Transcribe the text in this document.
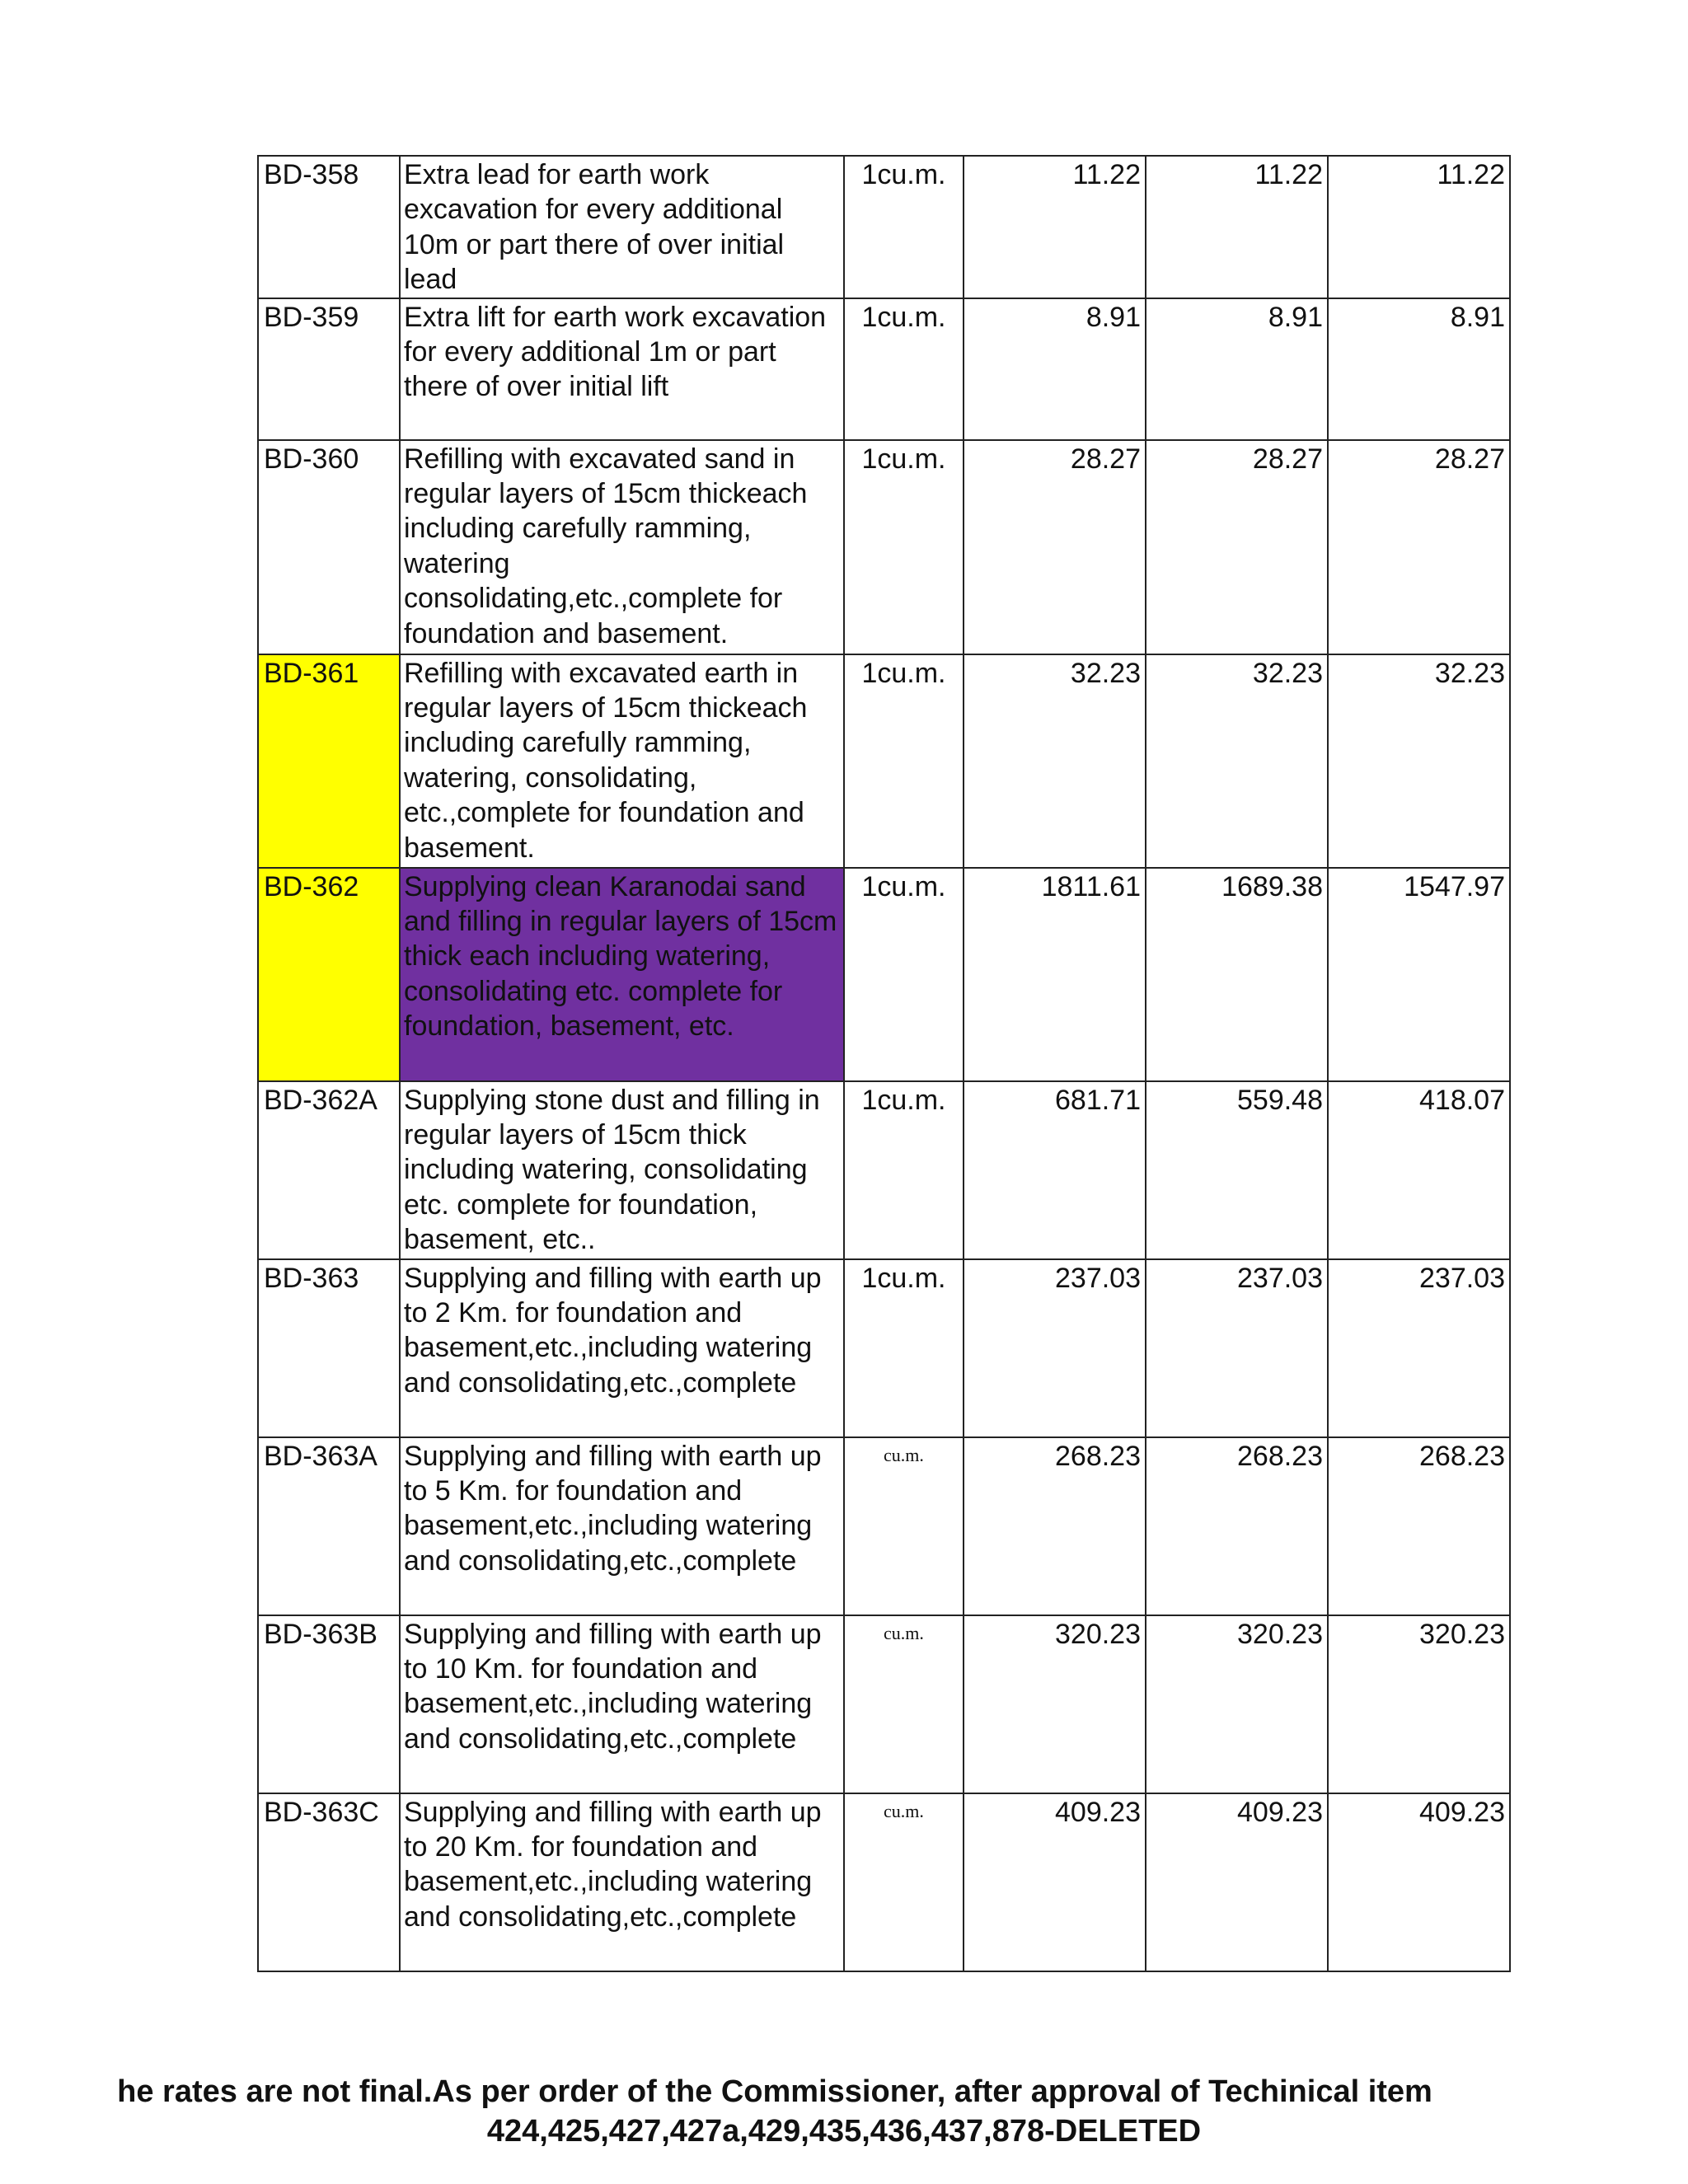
BD-358	Extra lead for earth work excavation for every additional 10m or part there of over initial lead	1cu.m.	11.22	11.22	11.22
BD-359	Extra lift for earth work excavation for every additional 1m or part there of over initial lift	1cu.m.	8.91	8.91	8.91
BD-360	Refilling with excavated sand in regular layers of 15cm thickeach including carefully ramming, watering consolidating,etc.,complete for foundation and basement.	1cu.m.	28.27	28.27	28.27
BD-361	Refilling with excavated earth in regular layers of 15cm thickeach including carefully ramming, watering, consolidating, etc.,complete for foundation and basement.	1cu.m.	32.23	32.23	32.23
BD-362	Supplying clean Karanodai sand and filling in regular layers of 15cm thick each including watering, consolidating etc. complete for foundation, basement, etc.	1cu.m.	1811.61	1689.38	1547.97
BD-362A	Supplying stone dust and filling in regular layers of 15cm thick including watering, consolidating etc. complete for foundation, basement, etc..	1cu.m.	681.71	559.48	418.07
BD-363	Supplying and filling with earth up to 2 Km. for foundation and basement,etc.,including watering and consolidating,etc.,complete	1cu.m.	237.03	237.03	237.03
BD-363A	Supplying and filling with earth up to 5 Km. for foundation and basement,etc.,including watering and consolidating,etc.,complete	cu.m.	268.23	268.23	268.23
BD-363B	Supplying and filling with earth up to 10 Km. for foundation and basement,etc.,including watering and consolidating,etc.,complete	cu.m.	320.23	320.23	320.23
BD-363C	Supplying and filling with earth up to 20 Km. for foundation and basement,etc.,including watering and consolidating,etc.,complete	cu.m.	409.23	409.23	409.23
he rates are not final.As per order of the Commissioner, after approval of Techinical item
424,425,427,427a,429,435,436,437,878-DELETED
